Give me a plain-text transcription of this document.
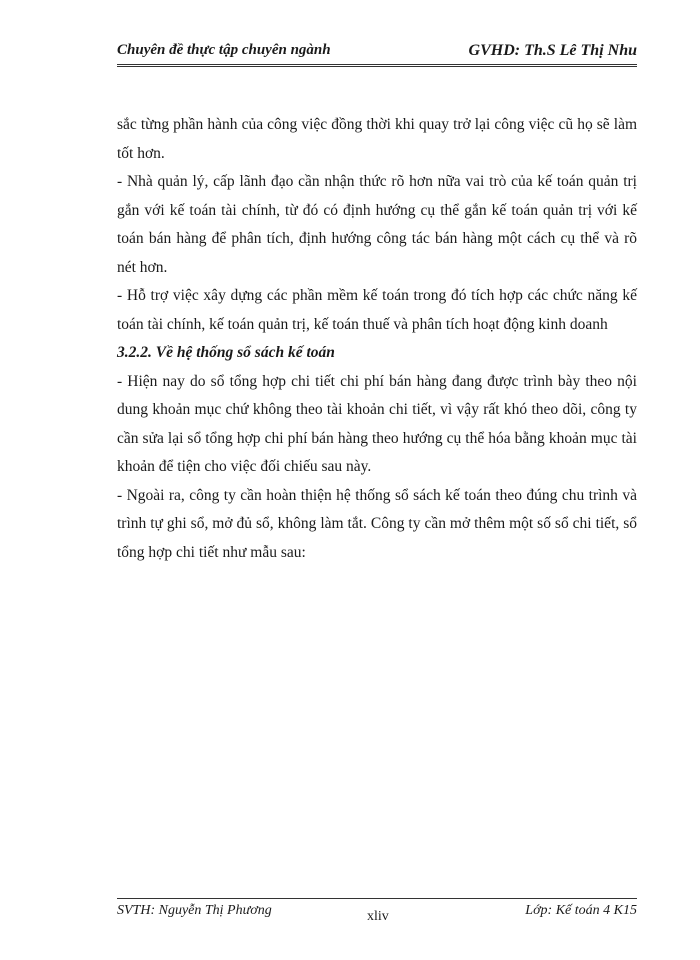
Chuyên đề thực tập chuyên ngành	GVHD: Th.S Lê Thị Nhu

sắc từng phần hành của công việc đồng thời khi quay trở lại công việc cũ họ sẽ làm tốt hơn.

- Nhà quản lý, cấp lãnh đạo cần nhận thức rõ hơn nữa vai trò của kế toán quản trị gắn với kế toán tài chính, từ đó có định hướng cụ thể gắn kế toán quản trị với kế toán bán hàng để phân tích, định hướng công tác bán hàng một cách cụ thể và rõ nét hơn.

- Hỗ trợ việc xây dựng các phần mềm kế toán trong đó tích hợp các chức năng kế toán tài chính, kế toán quản trị, kế toán thuế và phân tích hoạt động kinh doanh

3.2.2. Về hệ thống sổ sách kế toán

- Hiện nay do sổ tổng hợp chi tiết chi phí bán hàng đang được trình bày theo nội dung khoản mục chứ không theo tài khoản chi tiết, vì vậy rất khó theo dõi, công ty cần sửa lại sổ tổng hợp chi phí bán hàng theo hướng cụ thể hóa bằng khoản mục tài khoản để tiện cho việc đối chiếu sau này.

- Ngoài ra, công ty cần hoàn thiện hệ thống sổ sách kế toán theo đúng chu trình và trình tự ghi sổ, mở đủ sổ, không làm tắt. Công ty cần mở thêm một số sổ chi tiết, sổ tổng hợp chi tiết như mẫu sau:

SVTH: Nguyễn Thị Phương	xliv	Lớp: Kế toán 4 K15
